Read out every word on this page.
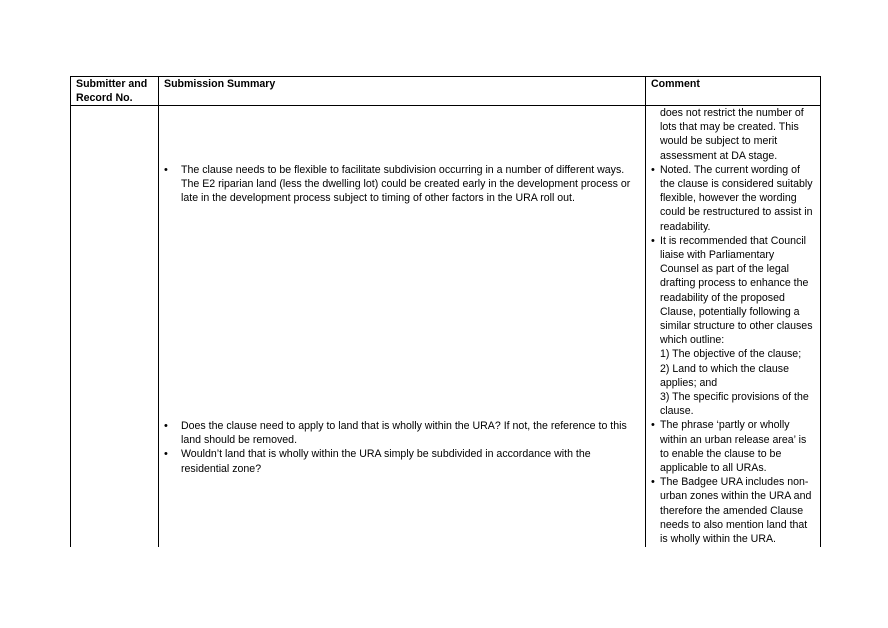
Submitter and Record No.
Submission Summary	Comment
• The clause needs to be flexible to facilitate subdivision occurring in a number of different ways. The E2 riparian land (less the dwelling lot) could be created early in the development process or late in the development process subject to timing of other factors in the URA roll out.
• Does the clause need to apply to land that is wholly within the URA? If not, the reference to this land should be removed.
• Wouldn’t land that is wholly within the URA simply be subdivided in accordance with the residential zone?
does not restrict the number of lots that may be created. This would be subject to merit assessment at DA stage.
• Noted. The current wording of the clause is considered suitably flexible, however the wording could be restructured to assist in readability.
• It is recommended that Council liaise with Parliamentary Counsel as part of the legal drafting process to enhance the readability of the proposed Clause, potentially following a similar structure to other clauses which outline:
1) The objective of the clause;
2) Land to which the clause applies; and
3) The specific provisions of the clause.
• The phrase ‘partly or wholly within an urban release area’ is to enable the clause to be applicable to all URAs.
• The Badgee URA includes non-urban zones within the URA and therefore the amended Clause needs to also mention land that is wholly within the URA.
